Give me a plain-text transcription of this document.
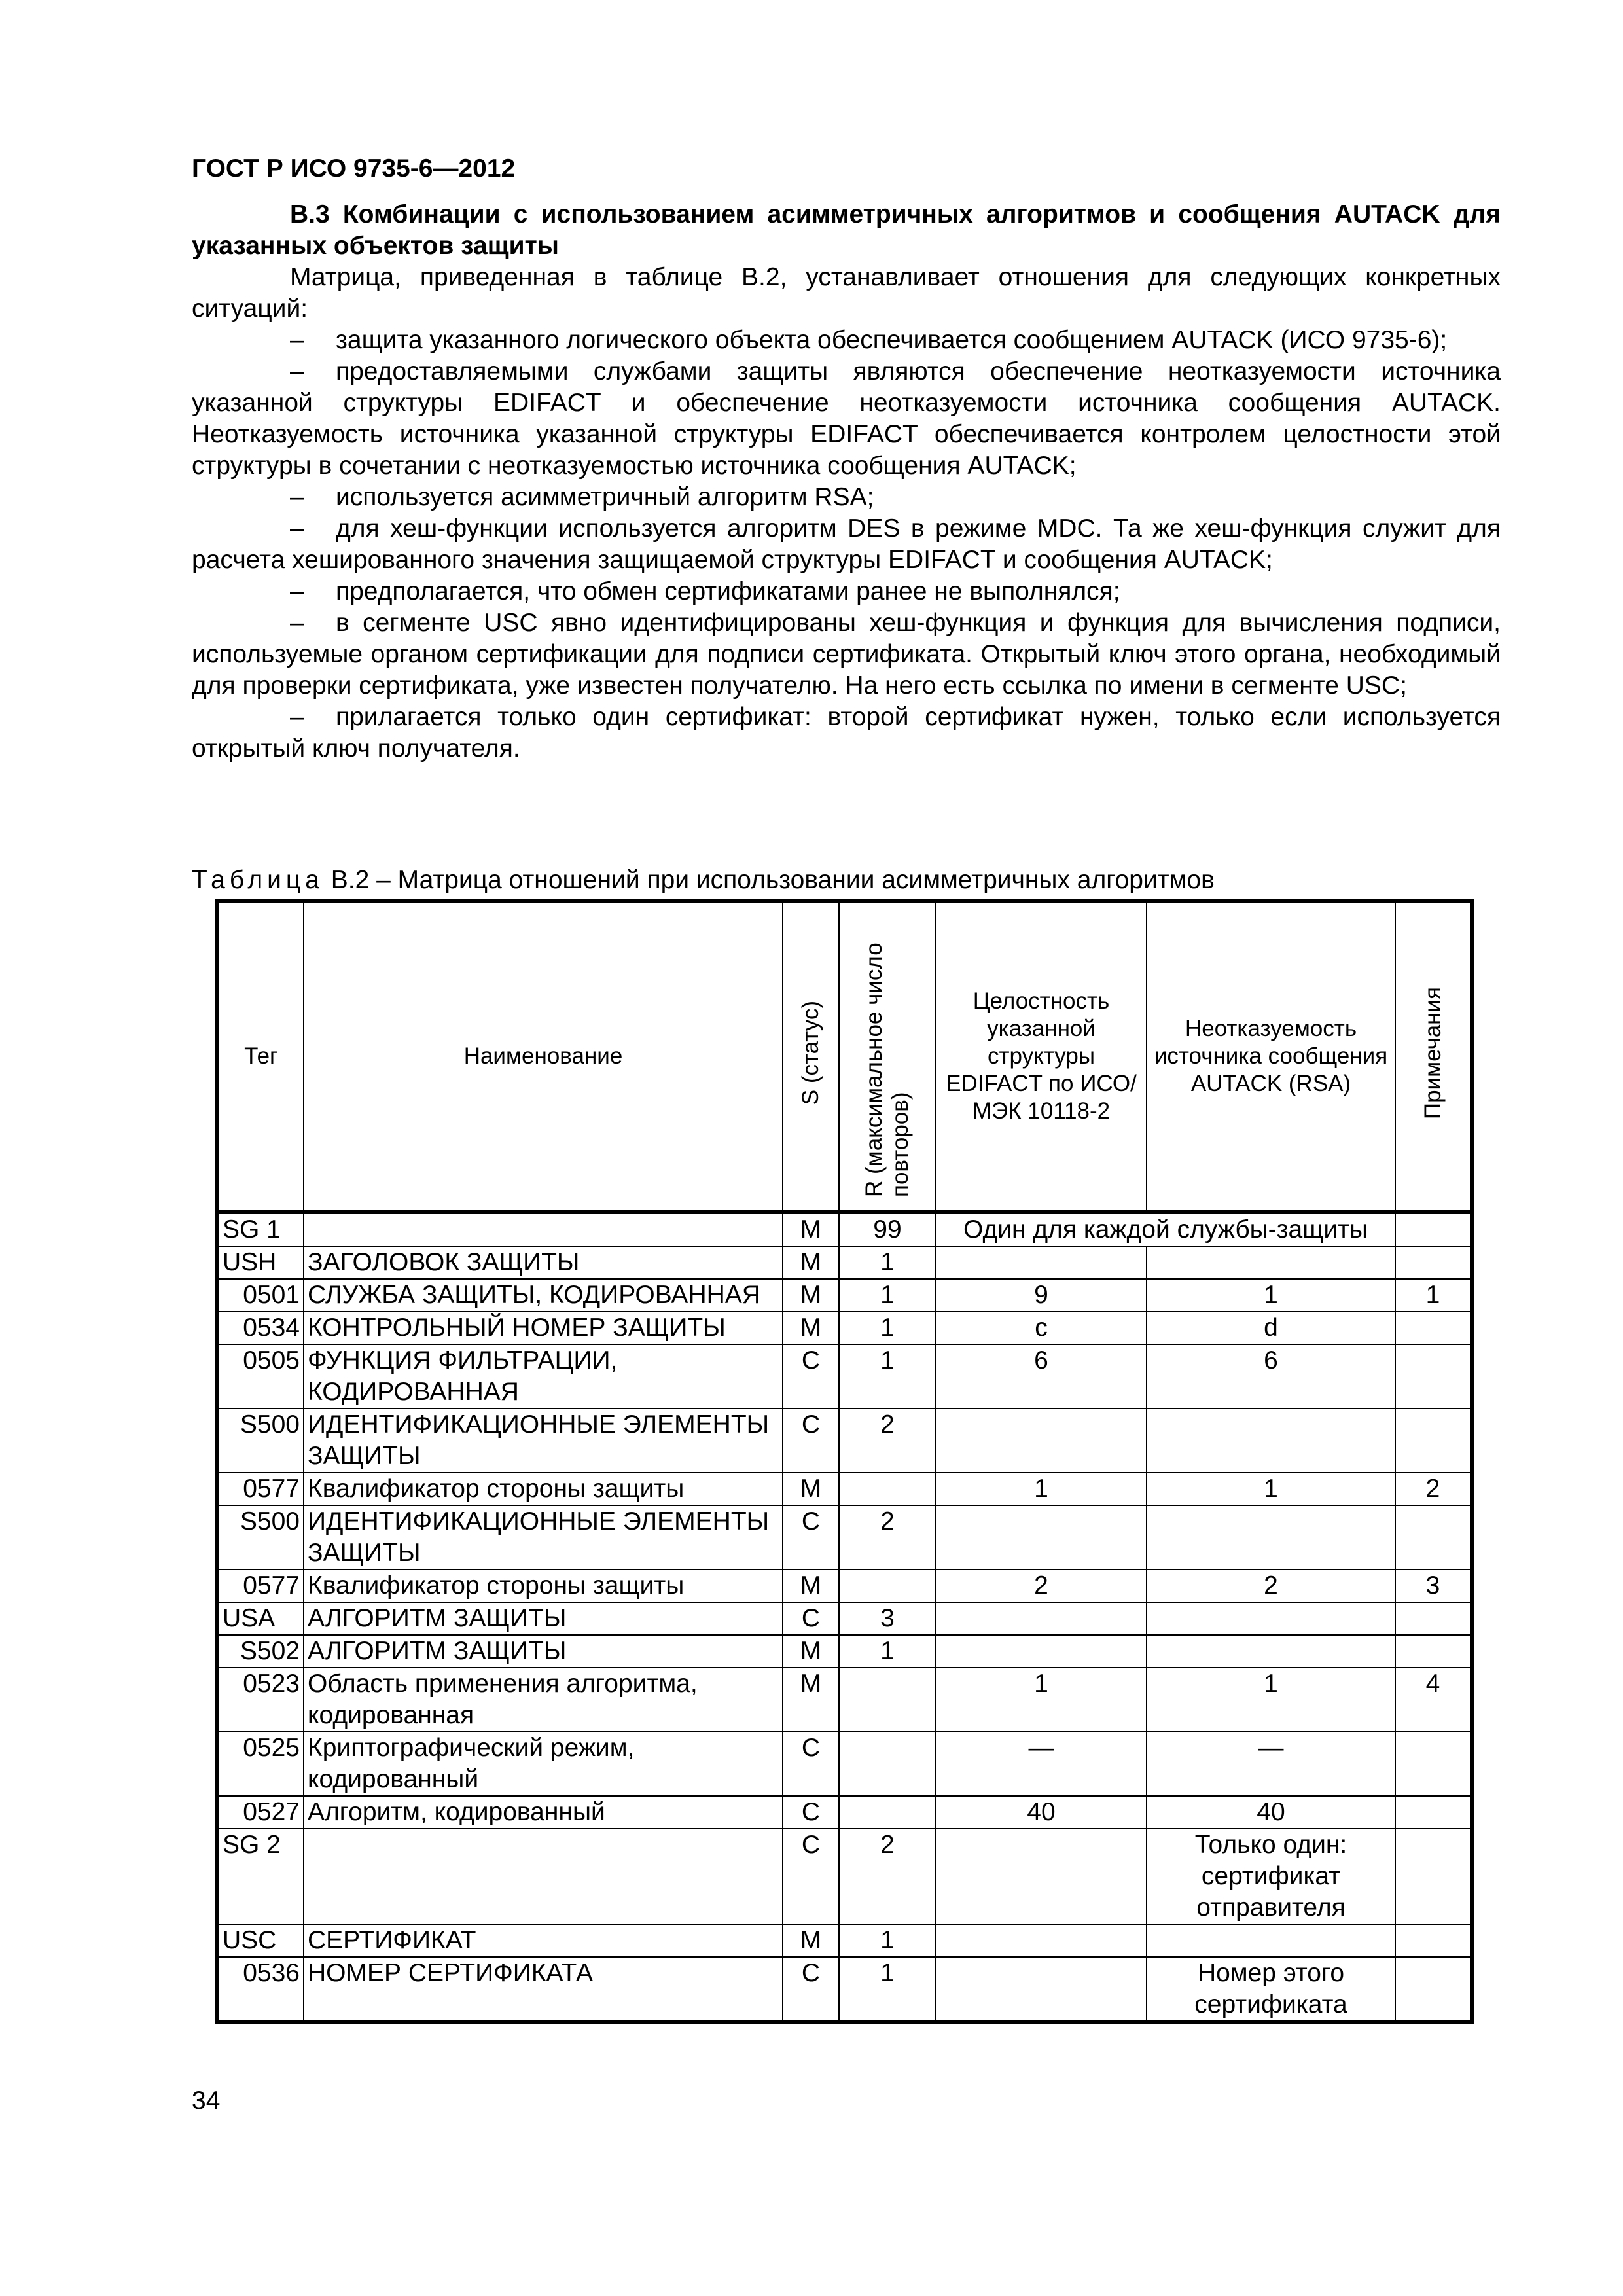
ГОСТ Р ИСО 9735-6—2012

В.3 Комбинации с использованием асимметричных алгоритмов и сообщения AUTACK для указанных объектов защиты

Матрица, приведенная в таблице В.2, устанавливает отношения для следующих конкретных ситуаций:

– защита указанного логического объекта обеспечивается сообщением AUTACK (ИСО 9735-6);

– предоставляемыми службами защиты являются обеспечение неотказуемости источника указанной структуры EDIFACT и обеспечение неотказуемости источника сообщения AUTACK. Неотказуемость источника указанной структуры EDIFACT обеспечивается контролем целостности этой структуры в сочетании с неотказуемостью источника сообщения AUTACK;

– используется асимметричный алгоритм RSA;

– для хеш-функции используется алгоритм DES в режиме MDC. Та же хеш-функция служит для расчета хешированного значения защищаемой структуры EDIFACT и сообщения AUTACK;

– предполагается, что обмен сертификатами ранее не выполнялся;

– в сегменте USC явно идентифицированы хеш-функция и функция для вычисления подписи, используемые органом сертификации для подписи сертификата. Открытый ключ этого органа, необходимый для проверки сертификата, уже известен получателю. На него есть ссылка по имени в сегменте USC;

– прилагается только один сертификат: второй сертификат нужен, только если используется открытый ключ получателя.

Таблица В.2 – Матрица отношений при использовании асимметричных алгоритмов
Тег	Наименование	S (статус)	R (максимальное число повторов)	Целостность указанной структуры EDIFACT по ИСО/МЭК 10118-2	Неотказуемость источника сообщения AUTACK (RSA)	Примечания
SG 1		M	99	Один для каждой службы-защиты		
USH	ЗАГОЛОВОК ЗАЩИТЫ	M	1			
0501	СЛУЖБА ЗАЩИТЫ, КОДИРОВАННАЯ	M	1	9	1	1
0534	КОНТРОЛЬНЫЙ НОМЕР ЗАЩИТЫ	M	1	c	d	
0505	ФУНКЦИЯ ФИЛЬТРАЦИИ, КОДИРОВАННАЯ	C	1	6	6	
S500	ИДЕНТИФИКАЦИОННЫЕ ЭЛЕМЕНТЫ ЗАЩИТЫ	C	2			
0577	Квалификатор стороны защиты	M		1	1	2
S500	ИДЕНТИФИКАЦИОННЫЕ ЭЛЕМЕНТЫ ЗАЩИТЫ	C	2			
0577	Квалификатор стороны защиты	M		2	2	3
USA	АЛГОРИТМ ЗАЩИТЫ	C	3			
S502	АЛГОРИТМ ЗАЩИТЫ	M	1			
0523	Область применения алгоритма, кодированная	M		1	1	4
0525	Криптографический режим, кодированный	C		—	—	
0527	Алгоритм, кодированный	C		40	40	
SG 2		C	2		Только один: сертификат отправителя	
USC	СЕРТИФИКАТ	M	1			
0536	НОМЕР СЕРТИФИКАТА	C	1		Номер этого сертификата	
34
